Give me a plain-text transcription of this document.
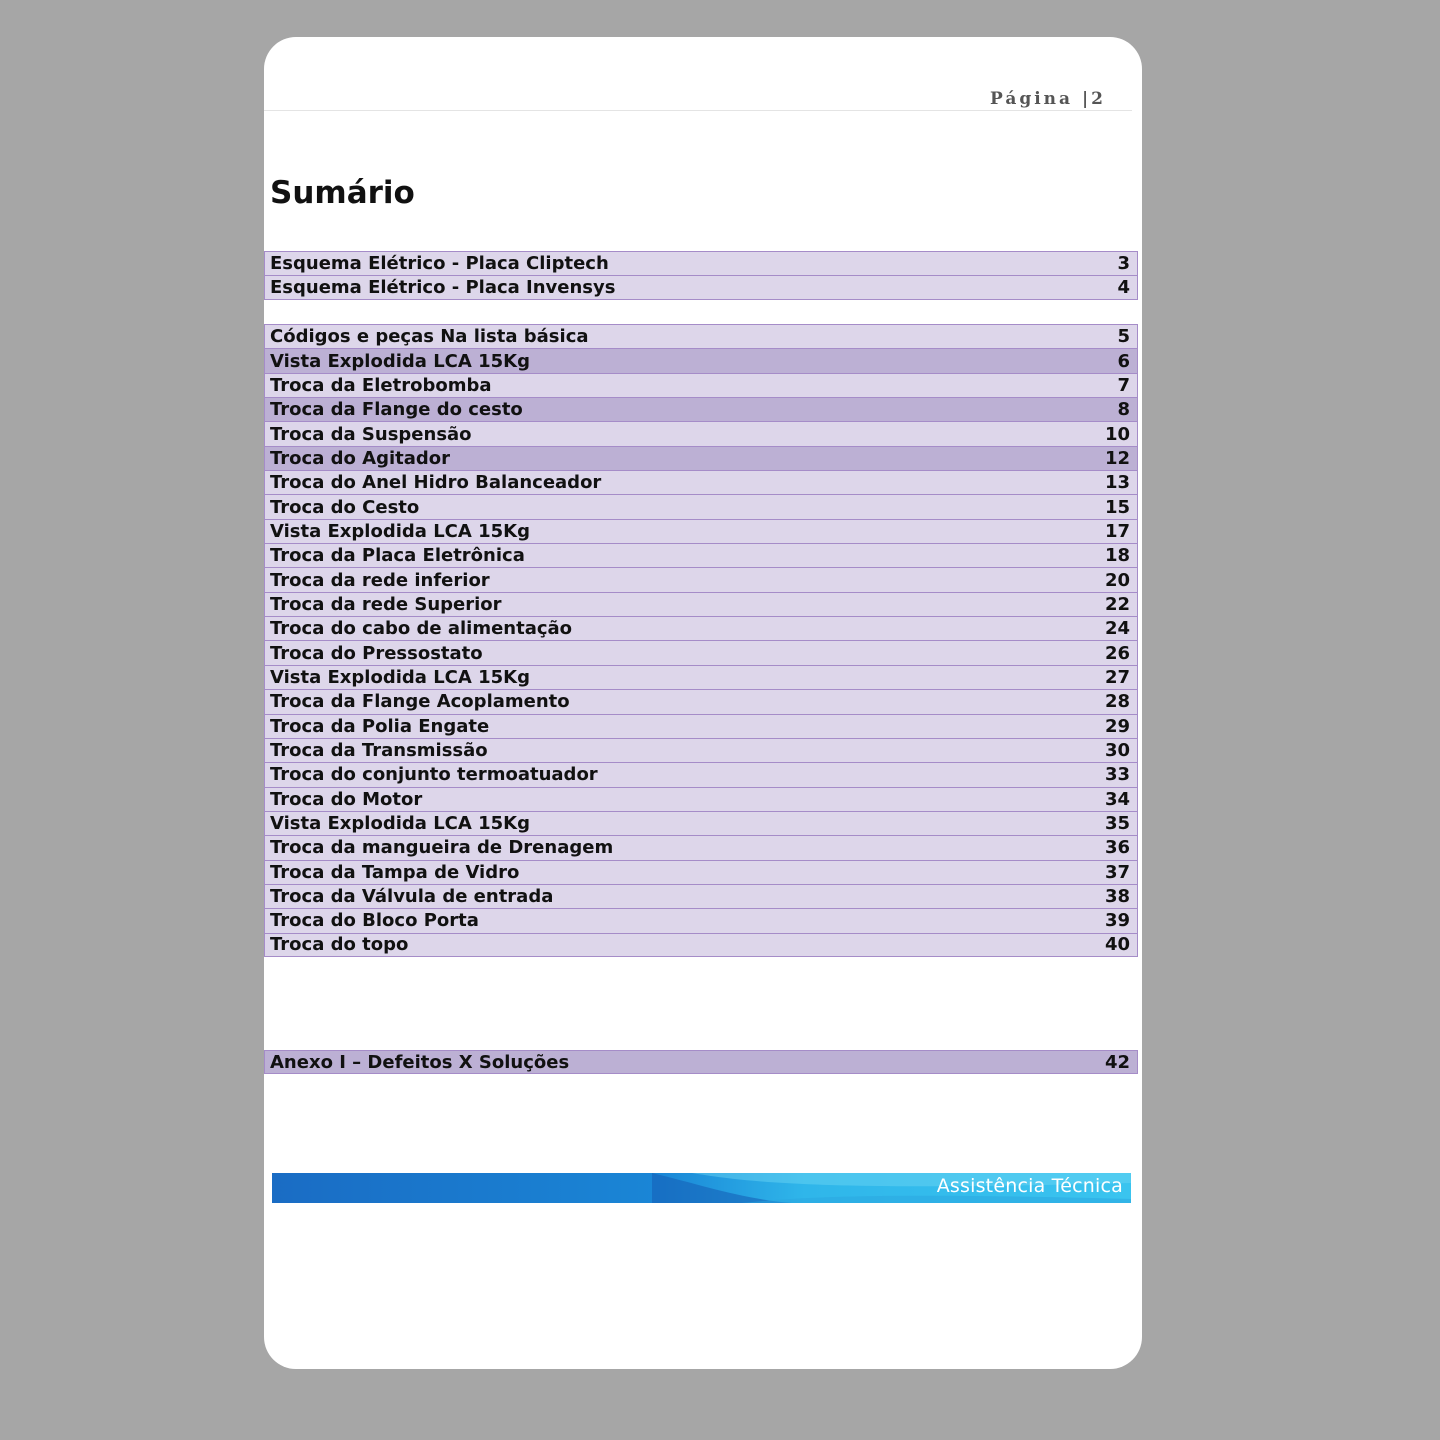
Página |2
Sumário
Esquema Elétrico - Placa Cliptech	3
Esquema Elétrico - Placa Invensys	4
Códigos e peças Na lista básica	5
Vista Explodida LCA 15Kg	6
Troca da Eletrobomba	7
Troca da Flange do cesto	8
Troca da Suspensão	10
Troca do Agitador	12
Troca do Anel Hidro Balanceador	13
Troca do Cesto	15
Vista Explodida LCA 15Kg	17
Troca da Placa Eletrônica	18
Troca da rede inferior	20
Troca da rede Superior	22
Troca do cabo de alimentação	24
Troca do Pressostato	26
Vista Explodida LCA 15Kg	27
Troca da Flange Acoplamento	28
Troca da Polia Engate	29
Troca da Transmissão	30
Troca do conjunto termoatuador	33
Troca do Motor	34
Vista Explodida LCA 15Kg	35
Troca da mangueira de Drenagem	36
Troca da Tampa de Vidro	37
Troca da Válvula de entrada	38
Troca do Bloco Porta	39
Troca do topo	40
Anexo I – Defeitos X Soluções	42
Assistência Técnica
